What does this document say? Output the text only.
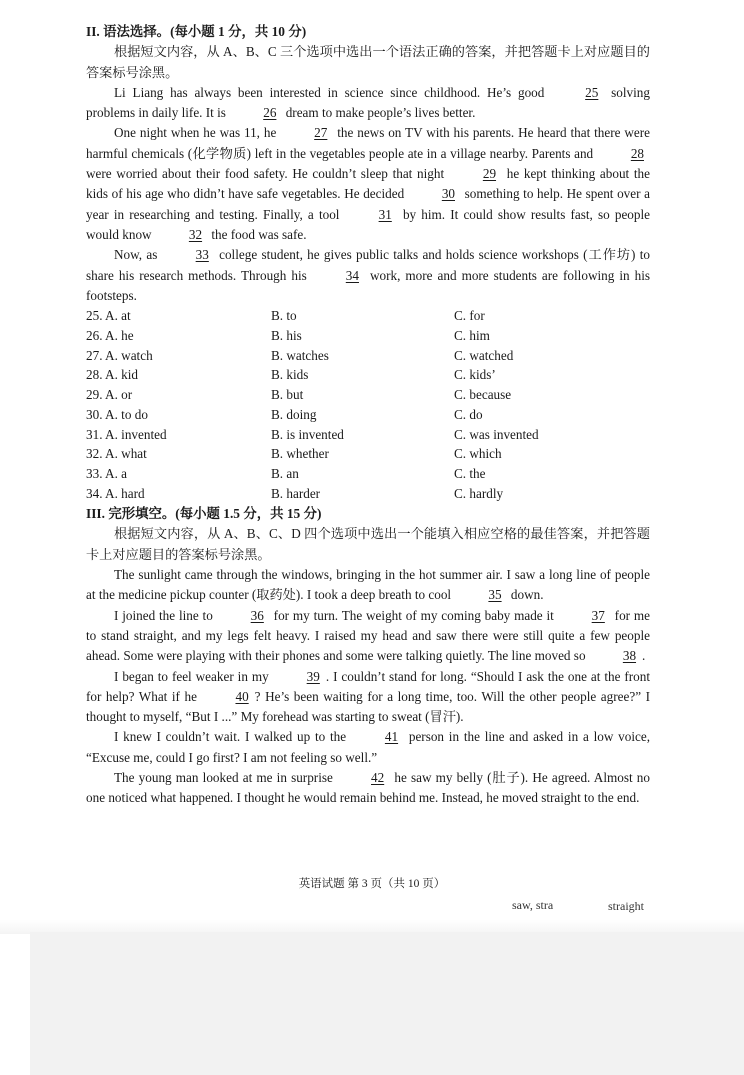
II. 语法选择。(每小题 1 分，共 10 分)

根据短文内容，从 A、B、C 三个选项中选出一个语法正确的答案，并把答题卡上对应题目的答案标号涂黑。

Li Liang has always been interested in science since childhood. He’s good	25 solving problems in daily life. It is	26 dream to make people’s lives better.

One night when he was 11, he	27 the news on TV with his parents. He heard that there were harmful chemicals (化学物质) left in the vegetables people ate in a village nearby. Parents and	28 were worried about their food safety. He couldn’t sleep that night	29 he kept thinking about the kids of his age who didn’t have safe vegetables. He decided	30 something to help. He spent over a year in researching and testing. Finally, a tool	31 by him. It could show results fast, so people would know	32 the food was safe.

Now, as	33 college student, he gives public talks and holds science workshops (工作坊) to share his research methods. Through his	34 work, more and more students are following in his footsteps.

25. A. at	B. to	C. for
26. A. he	B. his	C. him
27. A. watch	B. watches	C. watched
28. A. kid	B. kids	C. kids’
29. A. or	B. but	C. because
30. A. to do	B. doing	C. do
31. A. invented	B. is invented	C. was invented
32. A. what	B. whether	C. which
33. A. a	B. an	C. the
34. A. hard	B. harder	C. hardly

III. 完形填空。(每小题 1.5 分，共 15 分)

根据短文内容，从 A、B、C、D 四个选项中选出一个能填入相应空格的最佳答案，并把答题卡上对应题目的答案标号涂黑。

The sunlight came through the windows, bringing in the hot summer air. I saw a long line of people at the medicine pickup counter (取药处). I took a deep breath to cool	35 down.

I joined the line to	36 for my turn. The weight of my coming baby made it	37 for me to stand straight, and my legs felt heavy. I raised my head and saw there were still quite a few people ahead. Some were playing with their phones and some were talking quietly. The line moved so	38 .

I began to feel weaker in my	39 . I couldn’t stand for long. “Should I ask the one at the front for help? What if he	40 ? He’s been waiting for a long time, too. Will the other people agree?” I thought to myself, “But I ...” My forehead was starting to sweat (冒汗).

I knew I couldn’t wait. I walked up to the	41 person in the line and asked in a low voice, “Excuse me, could I go first? I am not feeling so well.”

The young man looked at me in surprise	42 he saw my belly (肚子). He agreed. Almost no one noticed what happened. I thought he would remain behind me. Instead, he moved straight to the end.

英语试题 第 3 页（共 10 页）
saw, stra	straight
